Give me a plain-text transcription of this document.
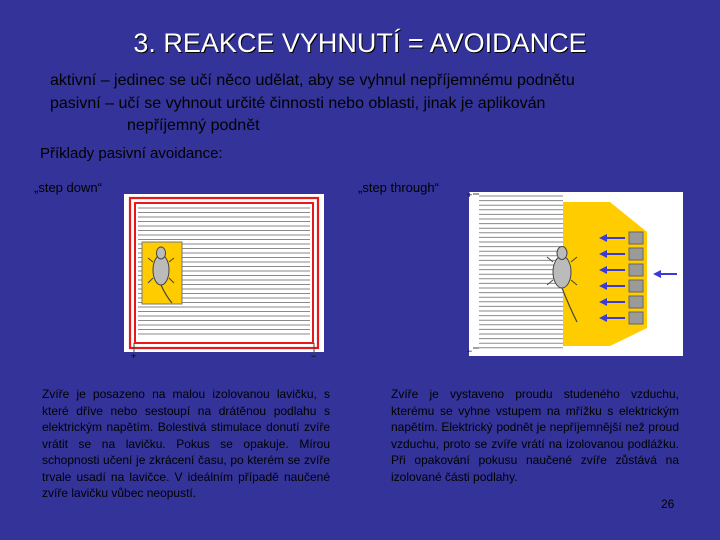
3. REAKCE VYHNUTÍ = AVOIDANCE
aktivní – jedinec se učí něco udělat, aby se vyhnul nepříjemnému podnětu
pasivní – učí se vyhnout určité činnosti nebo oblasti, jinak je aplikován
nepříjemný podnět
Příklady pasivní avoidance:
„step down“	„step through“
+	−
+
−
Zvíře je posazeno na malou izolovanou lavičku, s které dříve nebo sestoupí na drátěnou podlahu s elektrickým napětím. Bolestivá stimulace donutí zvíře vrátit se na lavičku. Pokus se opakuje. Mírou schopnosti učení je zkrácení času, po kterém se zvíře trvale usadí na lavičce. V ideálním případě naučené zvíře lavičku vůbec neopustí.
Zvíře je vystaveno proudu studeného vzduchu, kterému se vyhne vstupem na mřížku s elektrickým napětím. Elektrický podnět je nepříjemnější než proud vzduchu, proto se zvíře vrátí na izolovanou podlážku. Při opakování pokusu naučené zvíře zůstává na izolované části podlahy.
26
